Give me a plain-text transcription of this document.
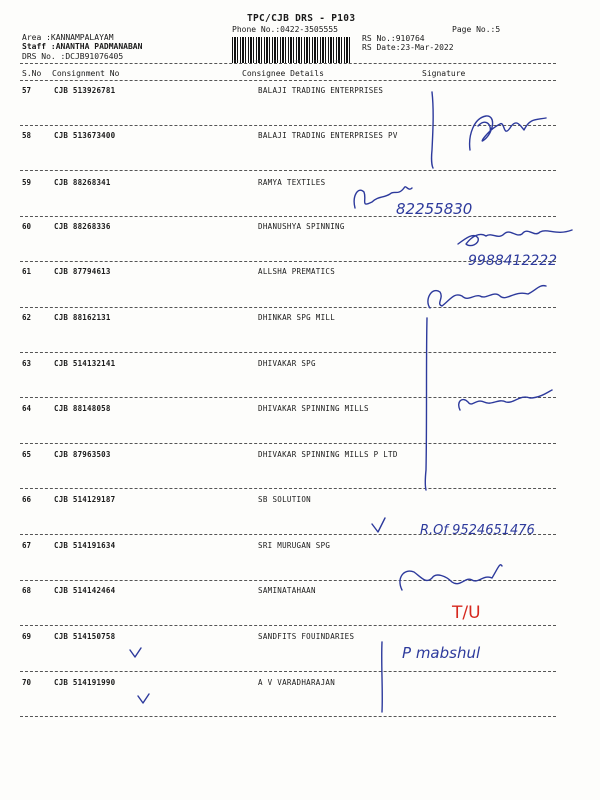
TPC/CJB DRS - P103
Phone No.:0422-3505555
Area :KANNAMPALAYAM
Staff :ANANTHA PADMANABAN
DRS No. :DCJB91076405
Page No.:5
RS No.:910764
RS Date:23-Mar-2022
S.No Consignment No	Consignee Details	Signature
57	CJB 513926781	BALAJI TRADING ENTERPRISES
58	CJB 513673400	BALAJI TRADING ENTERPRISES PV
59	CJB 88268341	RAMYA TEXTILES
60	CJB 88268336	DHANUSHYA SPINNING
61	CJB 87794613	ALLSHA PREMATICS
62	CJB 88162131	DHINKAR SPG MILL
63	CJB 514132141	DHIVAKAR SPG
64	CJB 88148058	DHIVAKAR SPINNING MILLS
65	CJB 87963503	DHIVAKAR SPINNING MILLS P LTD
66	CJB 514129187	SB SOLUTION
67	CJB 514191634	SRI MURUGAN SPG
68	CJB 514142464	SAMINATAHAAN
69	CJB 514150758	SANDFITS FOUINDARIES
70	CJB 514191990	A V VARADHARAJAN
82255830
9988412222
R.Of 9524651476
P mabshul
T/U
